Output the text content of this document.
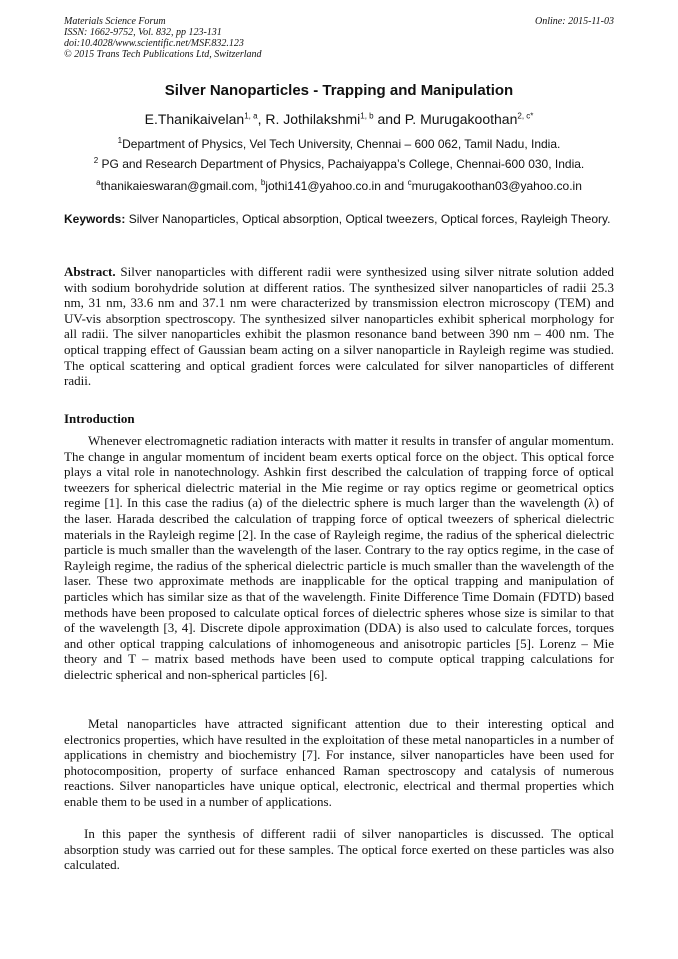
Materials Science Forum
ISSN: 1662-9752, Vol. 832, pp 123-131
doi:10.4028/www.scientific.net/MSF.832.123
© 2015 Trans Tech Publications Ltd, Switzerland
Online: 2015-11-03
Silver Nanoparticles - Trapping and Manipulation
E.Thanikaivelan$^{1, a}$, R. Jothilakshmi$^{1, b}$ and P. Murugakoothan$^{2, c*}$
$^1$Department of Physics, Vel Tech University, Chennai – 600 062, Tamil Nadu, India.
$^2$ PG and Research Department of Physics, Pachaiyappa’s College, Chennai-600 030, India.
$^a$thanikaieswaran@gmail.com, $^b$jothi141@yahoo.co.in and $^c$murugakoothan03@yahoo.co.in
Keywords: Silver Nanoparticles, Optical absorption, Optical tweezers, Optical forces, Rayleigh Theory.
Abstract. Silver nanoparticles with different radii were synthesized using silver nitrate solution added with sodium borohydride solution at different ratios. The synthesized silver nanoparticles of radii 25.3 nm, 31 nm, 33.6 nm and 37.1 nm were characterized by transmission electron microscopy (TEM) and UV-vis absorption spectroscopy. The synthesized silver nanoparticles exhibit spherical morphology for all radii. The silver nanoparticles exhibit the plasmon resonance band between 390 nm – 400 nm. The optical trapping effect of Gaussian beam acting on a silver nanoparticle in Rayleigh regime was studied. The optical scattering and optical gradient forces were calculated for silver nanoparticles of different radii.
Introduction
Whenever electromagnetic radiation interacts with matter it results in transfer of angular momentum. The change in angular momentum of incident beam exerts optical force on the object. This optical force plays a vital role in nanotechnology. Ashkin first described the calculation of trapping force of optical tweezers for spherical dielectric material in the Mie regime or ray optics regime or geometrical optics regime [1]. In this case the radius (a) of the dielectric sphere is much larger than the wavelength (λ) of the laser. Harada described the calculation of trapping force of optical tweezers of spherical dielectric materials in the Rayleigh regime [2]. In the case of Rayleigh regime, the radius of the spherical dielectric particle is much smaller than the wavelength of the laser. Contrary to the ray optics regime, in the case of Rayleigh regime, the radius of the spherical dielectric particle is much smaller than the wavelength of the laser. These two approximate methods are inapplicable for the optical trapping and manipulation of particles which has similar size as that of the wavelength. Finite Difference Time Domain (FDTD) based methods have been proposed to calculate optical forces of dielectric spheres whose size is similar to that of the wavelength [3, 4]. Discrete dipole approximation (DDA) is also used to calculate forces, torques and other optical trapping calculations of inhomogeneous and anisotropic particles [5]. Lorenz – Mie theory and T – matrix based methods have been used to compute optical trapping calculations for dielectric spherical and non-spherical particles [6].
Metal nanoparticles have attracted significant attention due to their interesting optical and electronics properties, which have resulted in the exploitation of these metal nanoparticles in a number of applications in chemistry and biochemistry [7]. For instance, silver nanoparticles have been used for photocomposition, property of surface enhanced Raman spectroscopy and catalysis of numerous reactions. Silver nanoparticles have unique optical, electronic, electrical and thermal properties which enable them to be used in a number of applications.
In this paper the synthesis of different radii of silver nanoparticles is discussed. The optical absorption study was carried out for these samples. The optical force exerted on these particles was also calculated.
